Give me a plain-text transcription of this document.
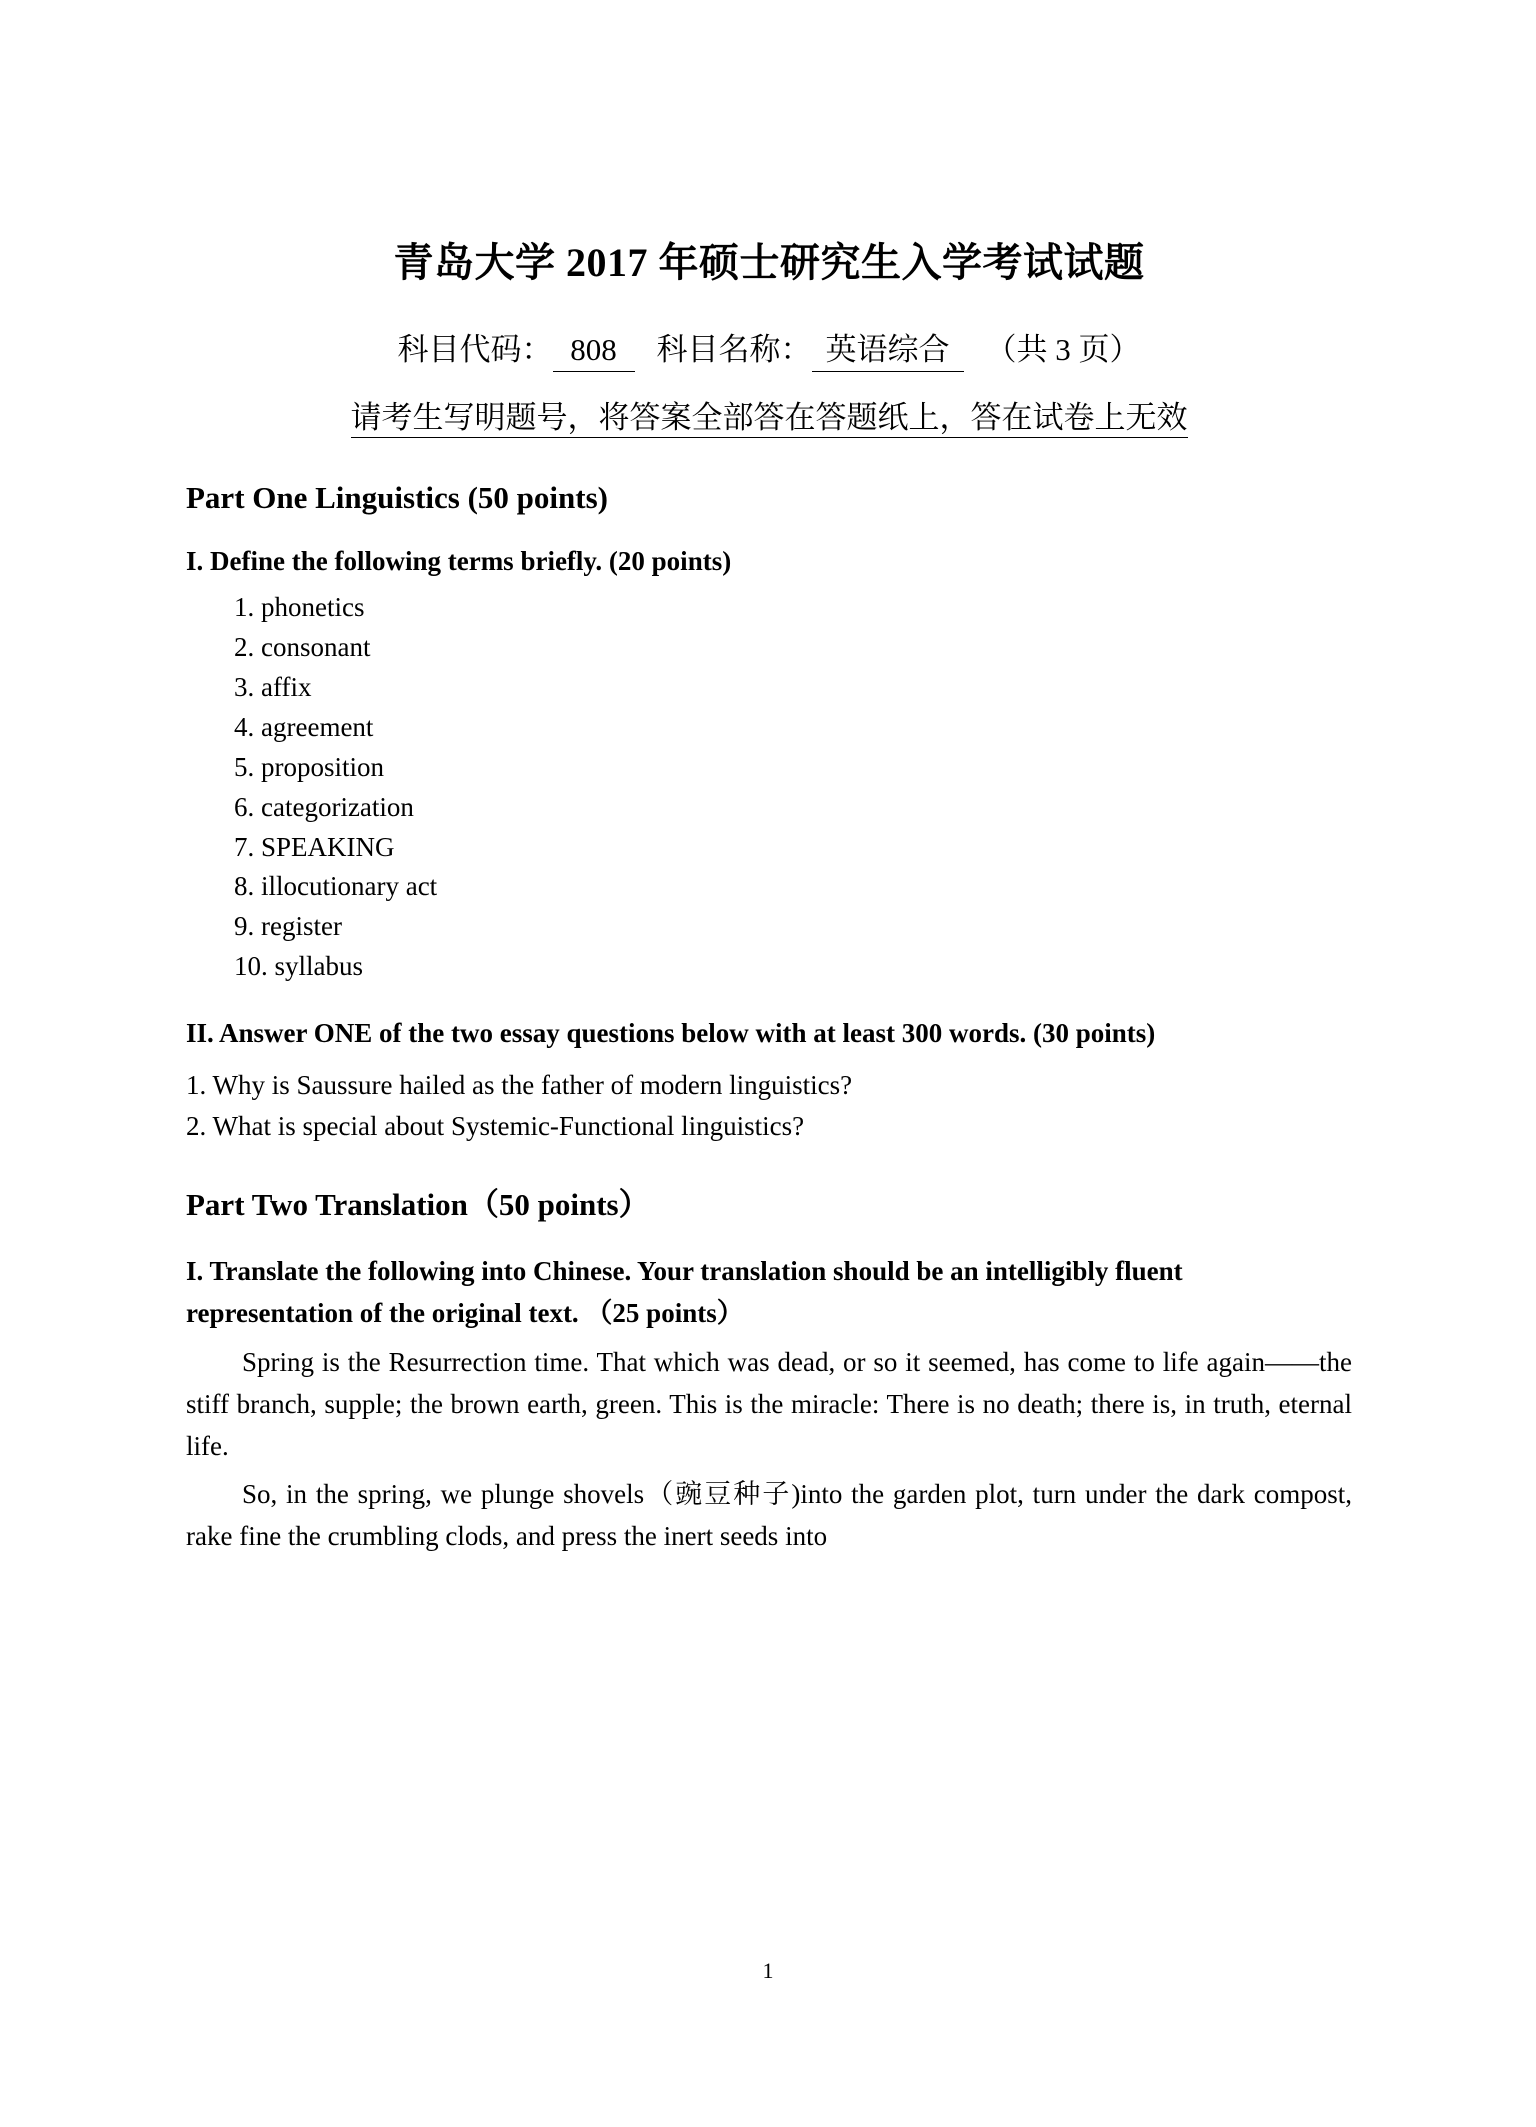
青岛大学 2017 年硕士研究生入学考试试题
科目代码： 808 科目名称： 英语综合 （共 3 页）
请考生写明题号，将答案全部答在答题纸上，答在试卷上无效
Part One Linguistics (50 points)
I. Define the following terms briefly. (20 points)
1. phonetics
2. consonant
3. affix
4. agreement
5. proposition
6. categorization
7. SPEAKING
8. illocutionary act
9. register
10. syllabus
II. Answer ONE of the two essay questions below with at least 300 words. (30 points)

1. Why is Saussure hailed as the father of modern linguistics?

2. What is special about Systemic-Functional linguistics?

Part Two Translation（50 points）
I. Translate the following into Chinese. Your translation should be an intelligibly fluent representation of the original text. （25 points）

Spring is the Resurrection time. That which was dead, or so it seemed, has come to life again――the stiff branch, supple; the brown earth, green. This is the miracle: There is no death; there is, in truth, eternal life.

So, in the spring, we plunge shovels（豌豆种子)into the garden plot, turn under the dark compost, rake fine the crumbling clods, and press the inert seeds into

1
